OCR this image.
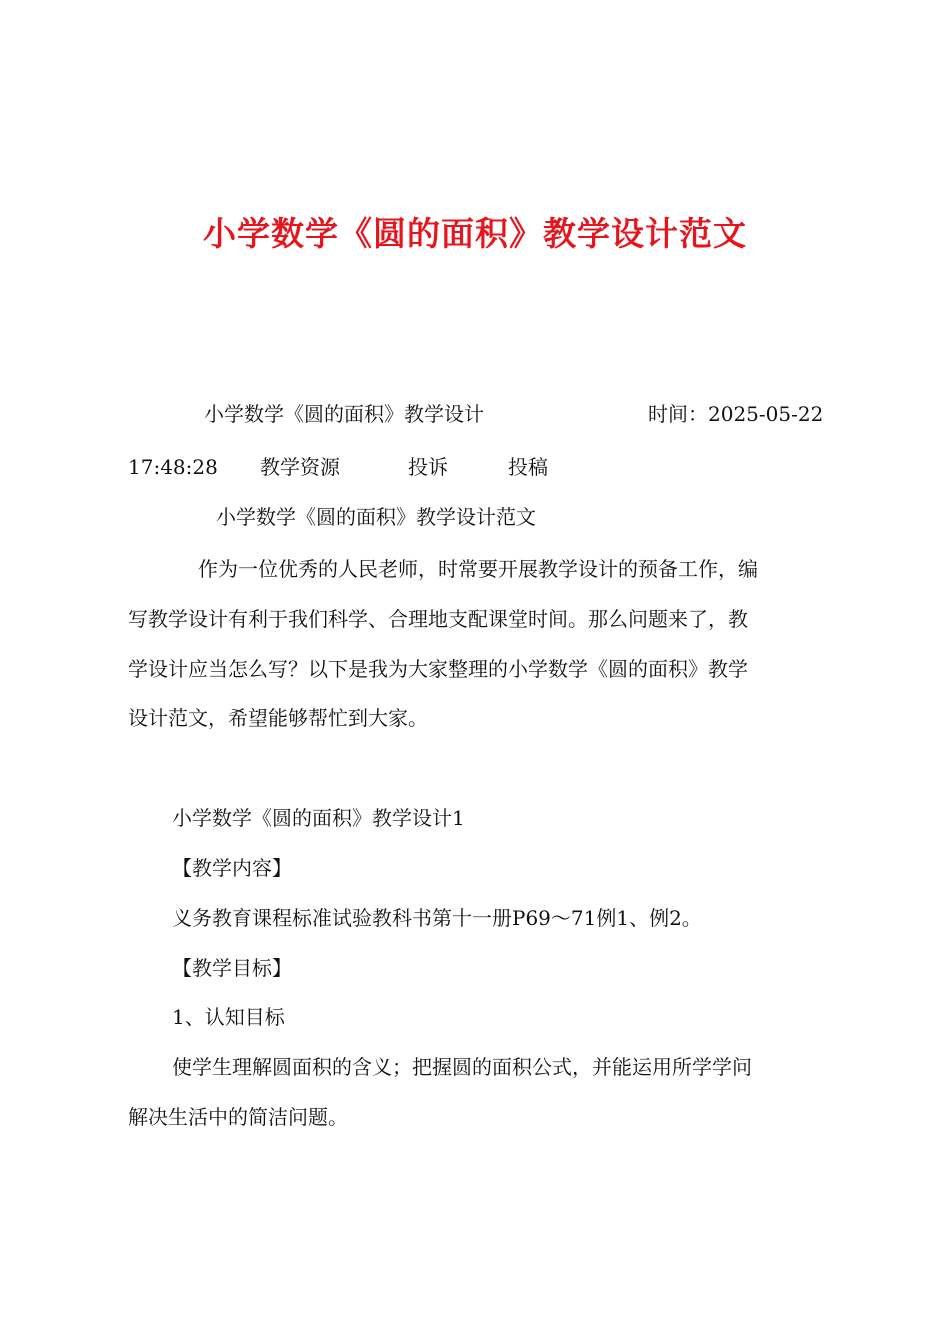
小学数学《圆的面积》教学设计范文
小学数学《圆的面积》教学设计	时间：2025-05-22
17:48:28 教学资源	投诉	投稿
小学数学《圆的面积》教学设计范文
作为一位优秀的人民老师，时常要开展教学设计的预备工作，编
写教学设计有利于我们科学、合理地支配课堂时间。那么问题来了，教
学设计应当怎么写？以下是我为大家整理的小学数学《圆的面积》教学
设计范文，希望能够帮忙到大家。
小学数学《圆的面积》教学设计1
【教学内容】
义务教育课程标准试验教科书第十一册P69～71例1、例2。
【教学目标】
1、认知目标
使学生理解圆面积的含义；把握圆的面积公式，并能运用所学学问
解决生活中的简洁问题。
